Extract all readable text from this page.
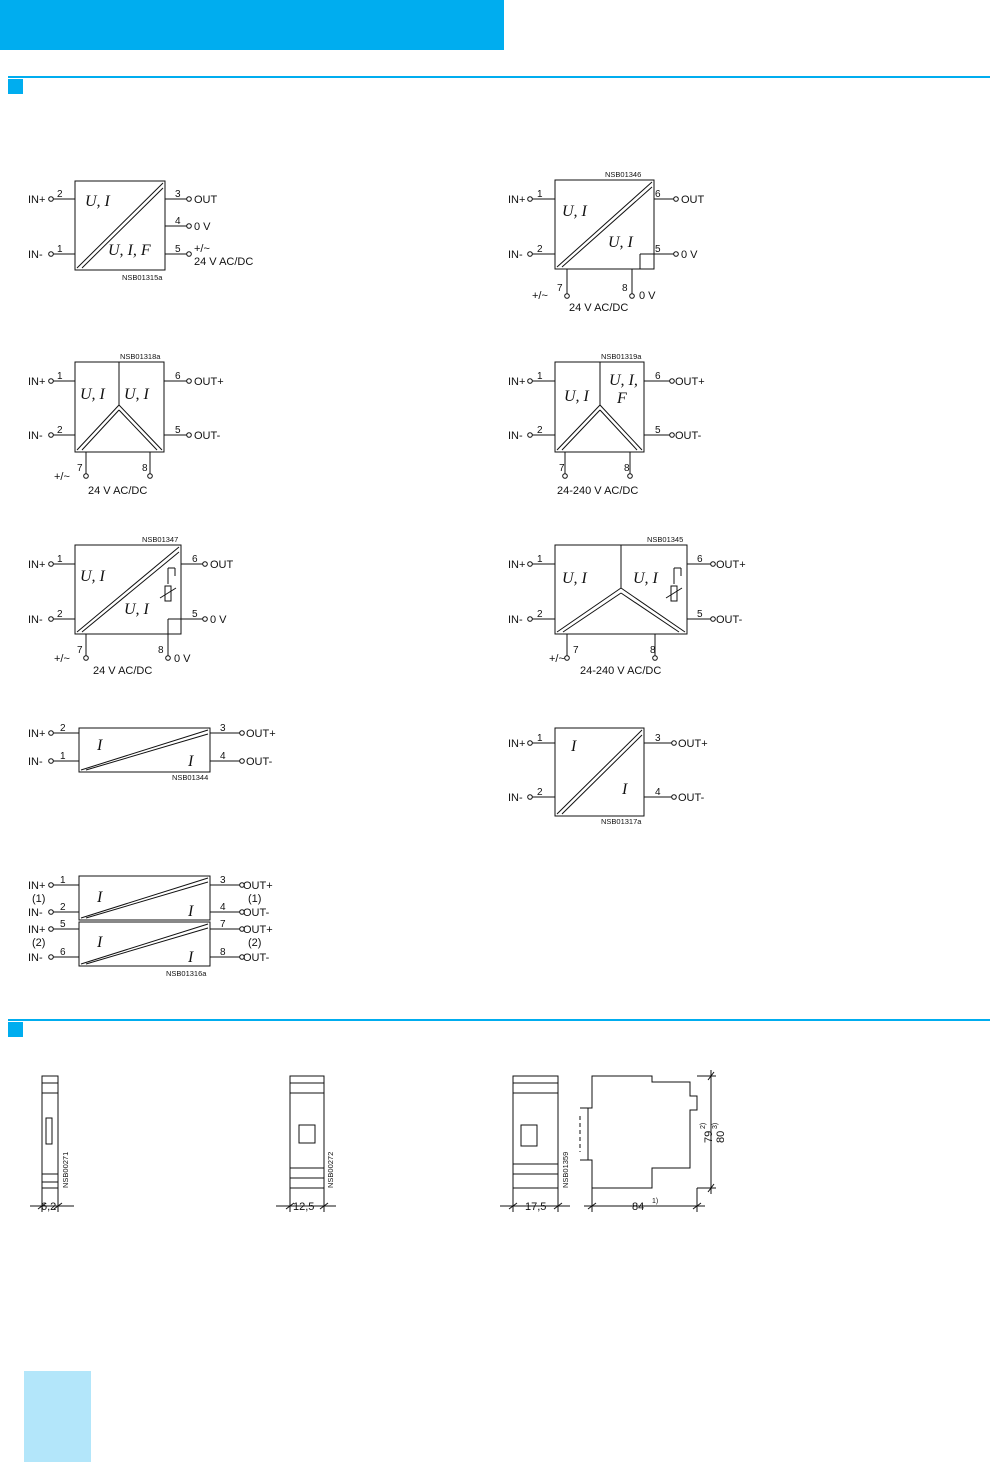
IN+
IN-
2
1
3
4
5
OUT
0 V
+/~
24 V AC/DC
U, I
U, I, F
NSB01315a
NSB01346
IN+
IN-
1
2
6
5
7	8
OUT
0 V
0 V
+/~
24 V AC/DC
U, I
U, I
NSB01318a
IN+
IN-
1
2
6
5
7	8
OUT+
OUT-
+/~
24 V AC/DC
U, I U, I
NSB01319a
IN+
IN-
1
2
6
5
7	8
OUT+
OUT-
24-240 V AC/DC
U, I
U, I,
F
NSB01347
IN+
IN-
1
2
6
5
7	8
OUT
0 V
0 V
+/~
24 V AC/DC
U, I
U, I
NSB01345
IN+
IN-
1
2
6
5
7	8
OUT+
OUT-
+/~
24-240 V AC/DC
U, I	U, I
IN+
IN-
2
1
3
4
OUT+
OUT-
I
I
NSB01344
IN+
IN-
1
2
3
4
OUT+
OUT-
I
I
NSB01317a
IN+
(1)
IN-
IN+
(2)
IN-
1
2
5
6
3
4
7
8
OUT+
(1)
OUT-
OUT+
(2)
OUT-
I
I
I
I
NSB01316a
NSB00271	NSB00272	NSB01359
6,2	12,5	17,5	84 1)
79
2)
80
3)
